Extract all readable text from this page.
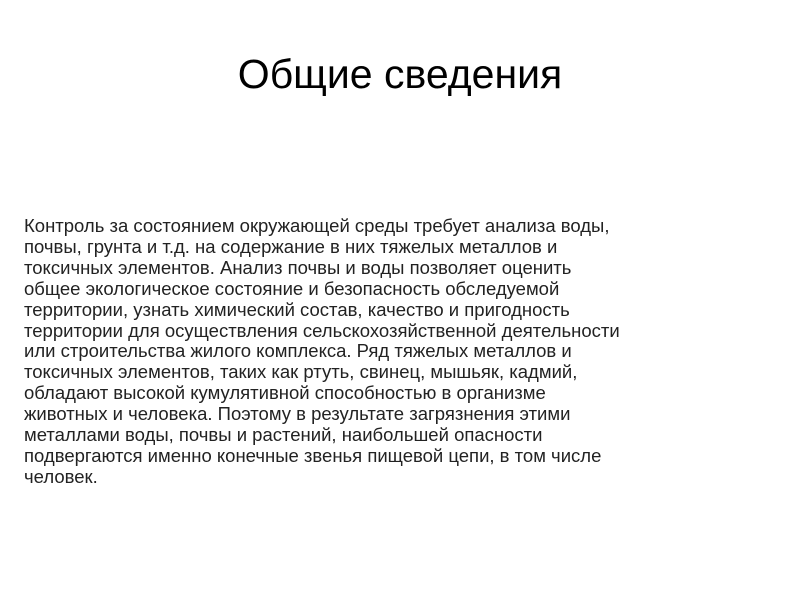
Общие сведения
Контроль за состоянием окружающей среды требует анализа воды,
почвы, грунта и т.д. на содержание в них тяжелых металлов и
токсичных элементов. Анализ почвы и воды позволяет оценить
общее экологическое состояние и безопасность обследуемой
территории, узнать химический состав, качество и пригодность
территории для осуществления сельскохозяйственной деятельности
или строительства жилого комплекса. Ряд тяжелых металлов и
токсичных элементов, таких как ртуть, свинец, мышьяк, кадмий,
обладают высокой кумулятивной способностью в организме
животных и человека. Поэтому в результате загрязнения этими
металлами воды, почвы и растений, наибольшей опасности
подвергаются именно конечные звенья пищевой цепи, в том числе
человек.
